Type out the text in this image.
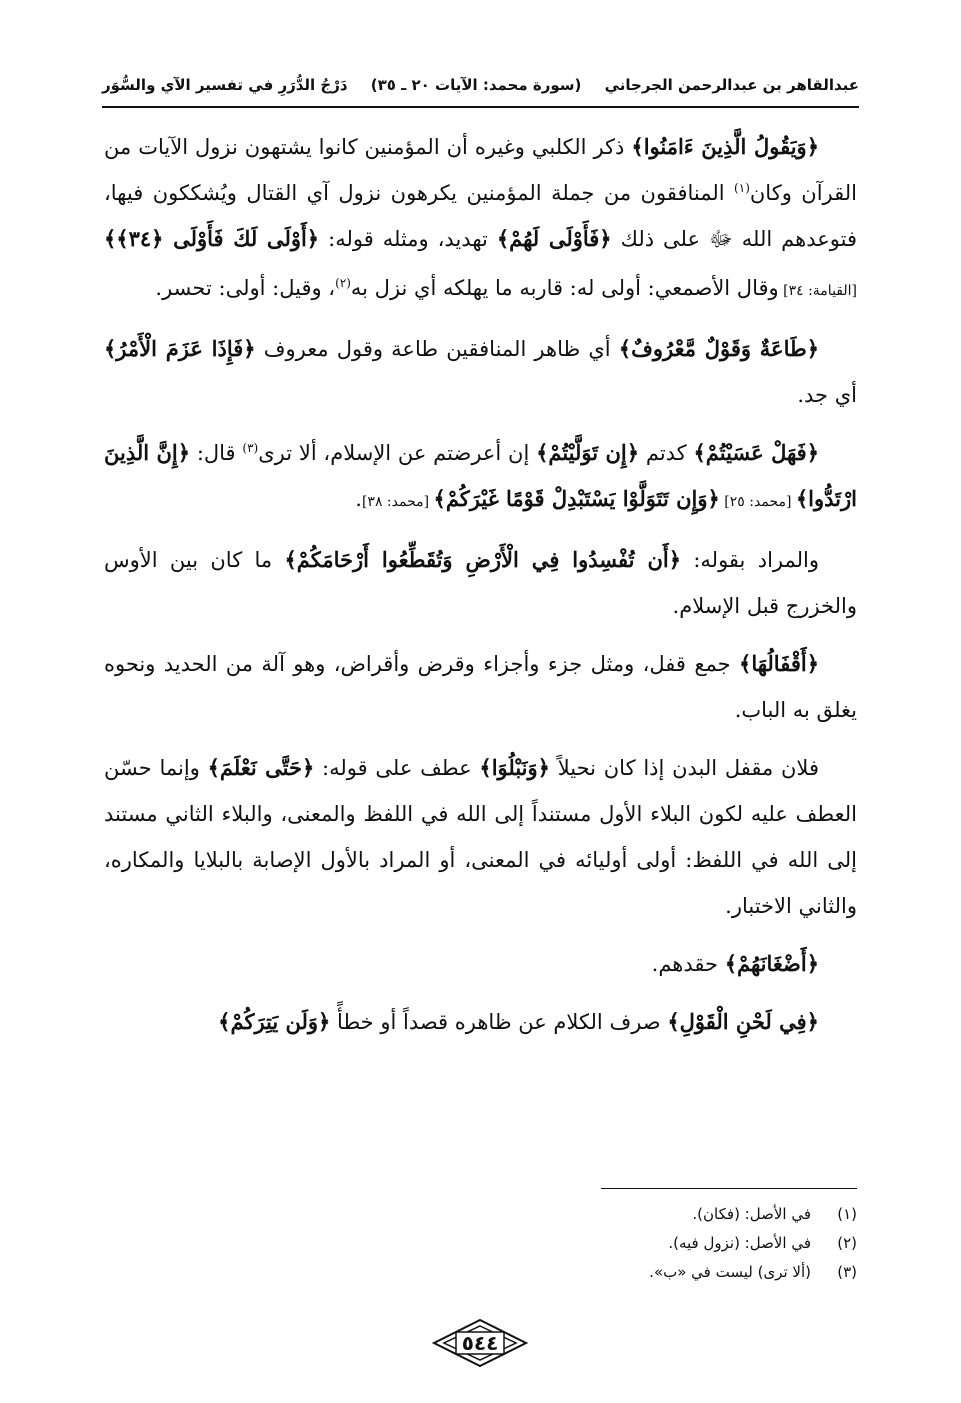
عبدالقاهر بن عبدالرحمن الجرجاني
(سورة محمد: الآيات ٢٠ ـ ٣٥)
دَرْجُ الدُّرَرِ في تفسير الآي والسُّوَر

﴿وَيَقُولُ الَّذِينَ ءَامَنُوا﴾ ذكر الكلبي وغيره أن المؤمنين كانوا يشتهون نزول الآيات من القرآن وكان$^{(١)}$ المنافقون من جملة المؤمنين يكرهون نزول آي القتال ويُشككون فيها، فتوعدهم الله ﷻ على ذلك ﴿فَأَوْلَى لَهُمْ﴾ تهديد، ومثله قوله: ﴿أَوْلَى لَكَ فَأَوْلَى ﴿٣٤﴾﴾ [القيامة: ٣٤] وقال الأصمعي: أولى له: قاربه ما يهلكه أي نزل به$^{(٢)}$، وقيل: أولى: تحسر.

﴿طَاعَةٌ وَقَوْلٌ مَّعْرُوفٌ﴾ أي ظاهر المنافقين طاعة وقول معروف ﴿فَإِذَا عَزَمَ الْأَمْرُ﴾ أي جد.

﴿فَهَلْ عَسَيْتُمْ﴾ كدتم ﴿إِن تَوَلَّيْتُمْ﴾ إن أعرضتم عن الإسلام، ألا ترى$^{(٣)}$ قال: ﴿إِنَّ الَّذِينَ ارْتَدُّوا﴾ [محمد: ٢٥] ﴿وَإِن تَتَوَلَّوْا يَسْتَبْدِلْ قَوْمًا غَيْرَكُمْ﴾ [محمد: ٣٨].

والمراد بقوله: ﴿أَن تُفْسِدُوا فِي الْأَرْضِ وَتُقَطِّعُوا أَرْحَامَكُمْ﴾ ما كان بين الأوس والخزرج قبل الإسلام.

﴿أَقْفَالُهَا﴾ جمع قفل، ومثل جزء وأجزاء وقرض وأقراض، وهو آلة من الحديد ونحوه يغلق به الباب.

فلان مقفل البدن إذا كان نحيلاً ﴿وَنَبْلُوَا﴾ عطف على قوله: ﴿حَتَّى نَعْلَمَ﴾ وإنما حسّن العطف عليه لكون البلاء الأول مستنداً إلى الله في اللفظ والمعنى، والبلاء الثاني مستند إلى الله في اللفظ: أولى أوليائه في المعنى، أو المراد بالأول الإصابة بالبلايا والمكاره، والثاني الاختبار.

﴿أَضْغَانَهُمْ﴾ حقدهم.

﴿فِي لَحْنِ الْقَوْلِ﴾ صرف الكلام عن ظاهره قصداً أو خطأً ﴿وَلَن يَتِرَكُمْ﴾

(١)في الأصل: (فكان).
(٢)في الأصل: (نزول فيه).
(٣)(ألا ترى) ليست في «ب».
٥٤٤
